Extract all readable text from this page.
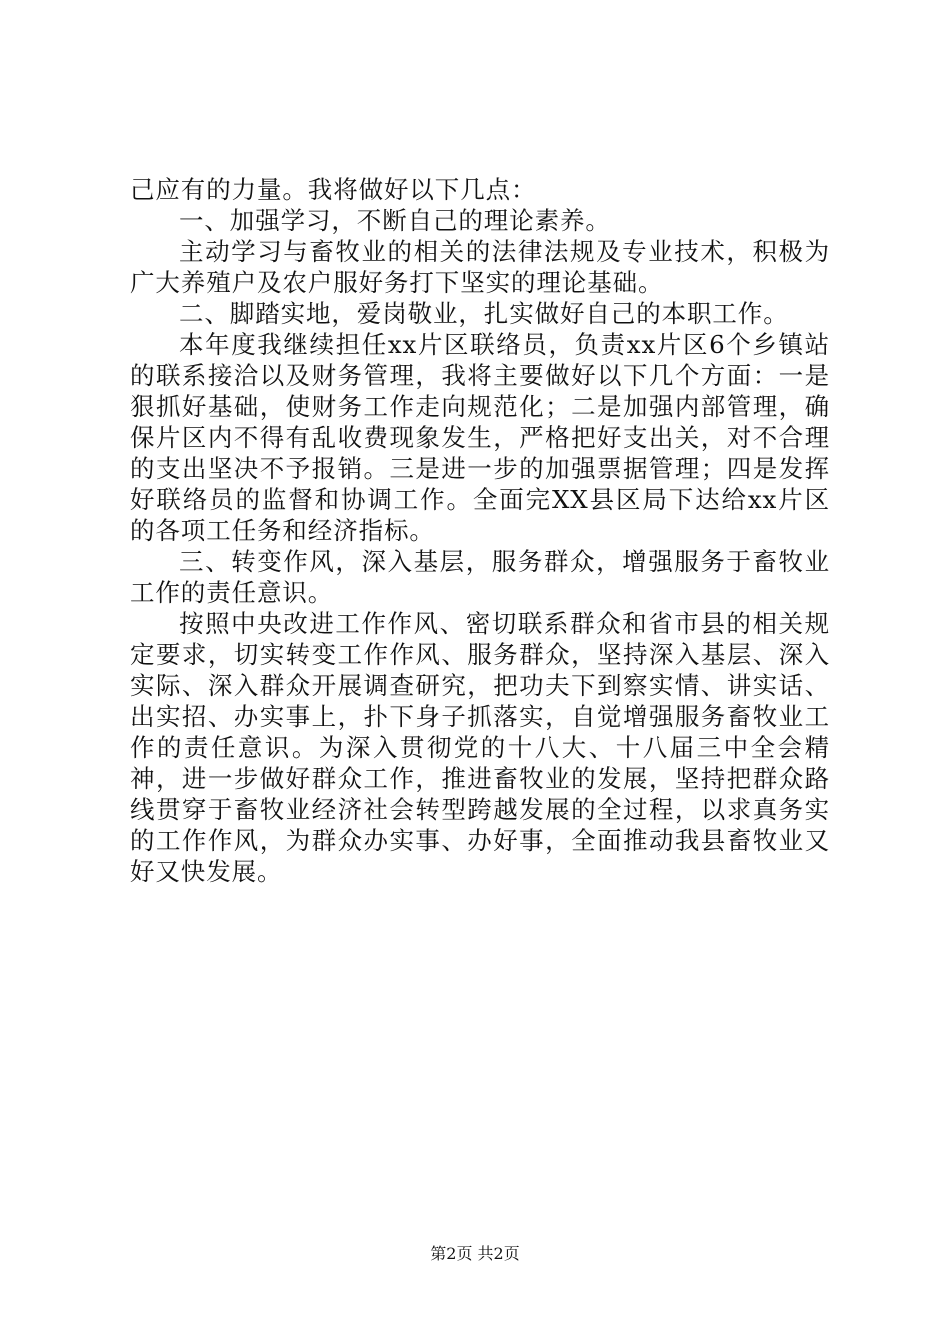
己应有的力量。我将做好以下几点：

一、加强学习，不断自己的理论素养。

主动学习与畜牧业的相关的法律法规及专业技术，积极为广大养殖户及农户服好务打下坚实的理论基础。

二、脚踏实地，爱岗敬业，扎实做好自己的本职工作。

本年度我继续担任xx片区联络员，负责xx片区6个乡镇站的联系接洽以及财务管理，我将主要做好以下几个方面：一是狠抓好基础，使财务工作走向规范化；二是加强内部管理，确保片区内不得有乱收费现象发生，严格把好支出关，对不合理的支出坚决不予报销。三是进一步的加强票据管理；四是发挥好联络员的监督和协调工作。全面完XX县区局下达给xx片区的各项工任务和经济指标。

三、转变作风，深入基层，服务群众，增强服务于畜牧业工作的责任意识。

按照中央改进工作作风、密切联系群众和省市县的相关规定要求，切实转变工作作风、服务群众，坚持深入基层、深入实际、深入群众开展调查研究，把功夫下到察实情、讲实话、出实招、办实事上，扑下身子抓落实，自觉增强服务畜牧业工作的责任意识。为深入贯彻党的十八大、十八届三中全会精神，进一步做好群众工作，推进畜牧业的发展，坚持把群众路线贯穿于畜牧业经济社会转型跨越发展的全过程，以求真务实的工作作风，为群众办实事、办好事，全面推动我县畜牧业又好又快发展。

第2页 共2页
